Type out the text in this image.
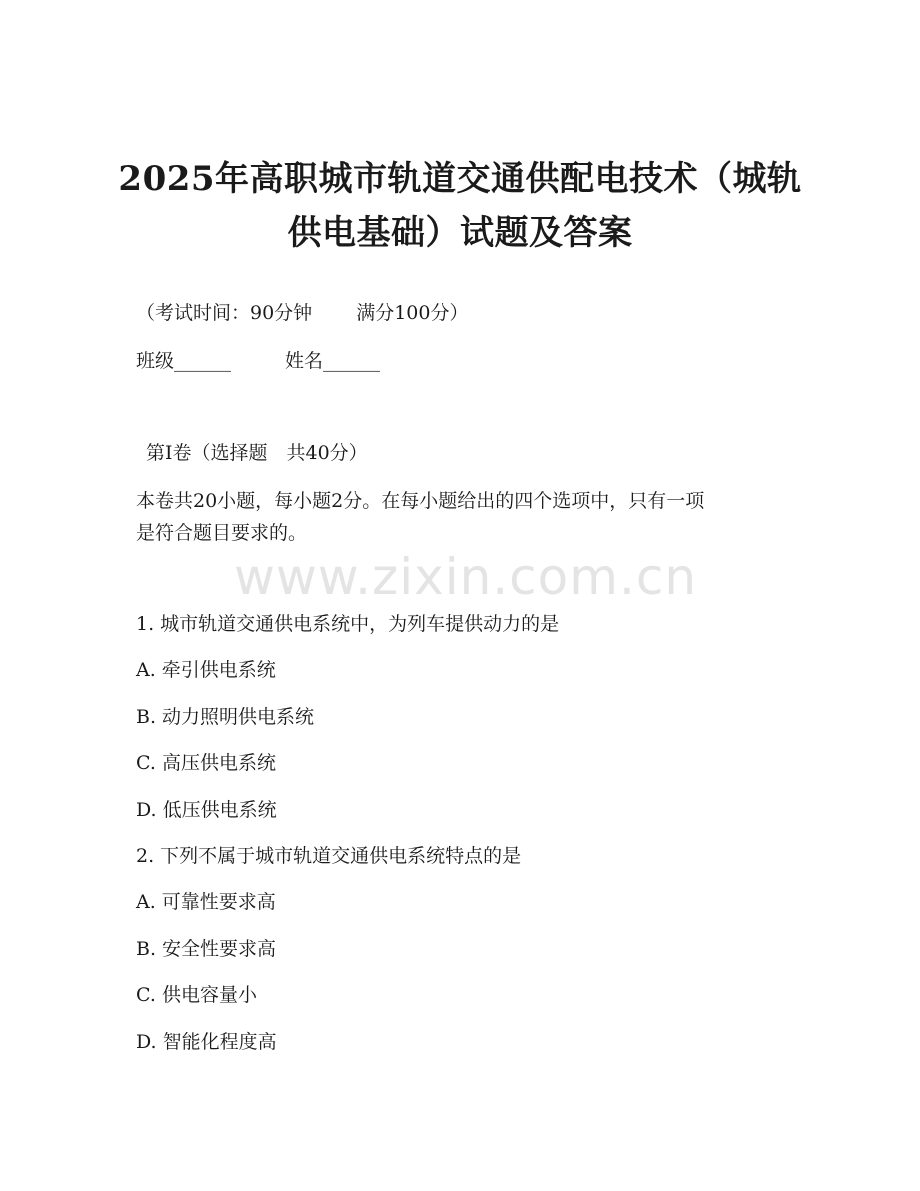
2025年高职城市轨道交通供配电技术（城轨
供电基础）试题及答案
（考试时间：90分钟 满分100分）
班级______	姓名______
第Ⅰ卷（选择题　共40分）
本卷共20小题，每小题2分。在每小题给出的四个选项中，只有一项
是符合题目要求的。
www.zixin.com.cn
1. 城市轨道交通供电系统中，为列车提供动力的是
A. 牵引供电系统
B. 动力照明供电系统
C. 高压供电系统
D. 低压供电系统
2. 下列不属于城市轨道交通供电系统特点的是
A. 可靠性要求高
B. 安全性要求高
C. 供电容量小
D. 智能化程度高
